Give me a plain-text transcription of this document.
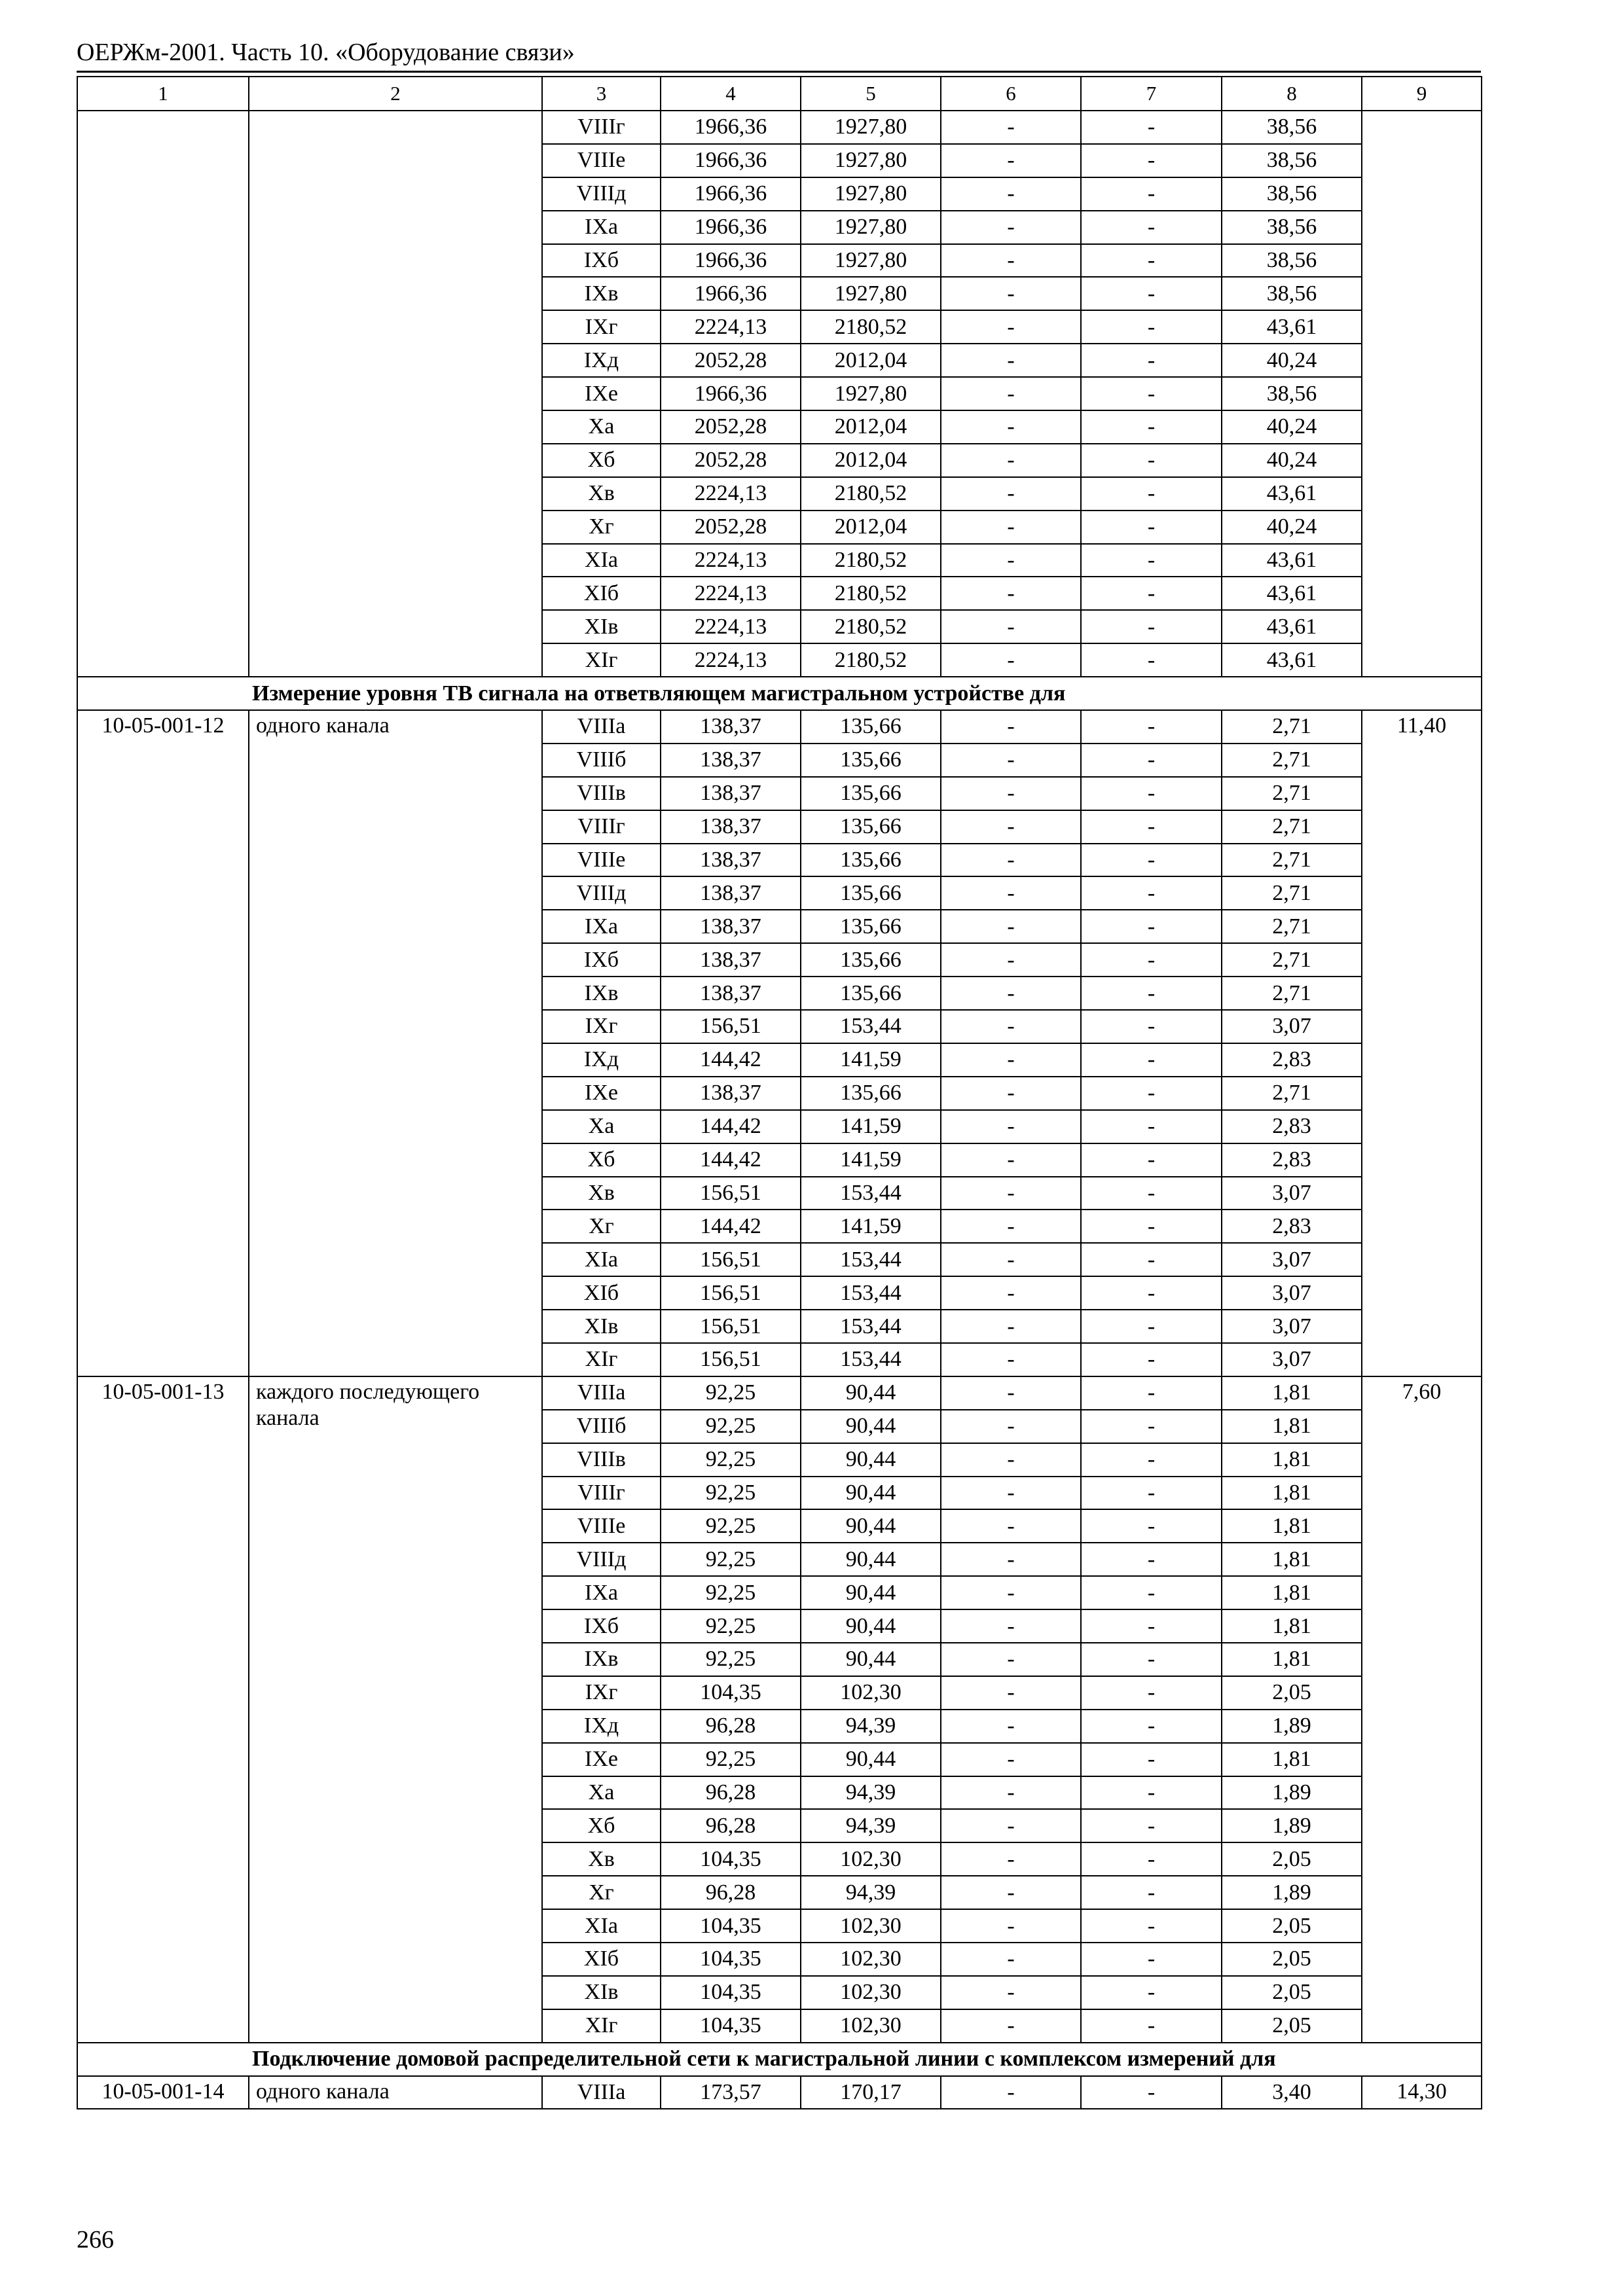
ОЕРЖм-2001. Часть 10. «Оборудование связи»
1	2	3	4	5	6	7	8	9
		VIIIг	1966,36	1927,80	-	-	38,56	
		VIIIе	1966,36	1927,80	-	-	38,56	
		VIIIд	1966,36	1927,80	-	-	38,56	
		IXа	1966,36	1927,80	-	-	38,56	
		IXб	1966,36	1927,80	-	-	38,56	
		IXв	1966,36	1927,80	-	-	38,56	
		IXг	2224,13	2180,52	-	-	43,61	
		IXд	2052,28	2012,04	-	-	40,24	
		IXе	1966,36	1927,80	-	-	38,56	
		Xа	2052,28	2012,04	-	-	40,24	
		Xб	2052,28	2012,04	-	-	40,24	
		Xв	2224,13	2180,52	-	-	43,61	
		Xг	2052,28	2012,04	-	-	40,24	
		XIа	2224,13	2180,52	-	-	43,61	
		XIб	2224,13	2180,52	-	-	43,61	
		XIв	2224,13	2180,52	-	-	43,61	
		XIг	2224,13	2180,52	-	-	43,61	
Измерение уровня ТВ сигнала на ответвляющем магистральном устройстве для								
10-05-001-12	одного канала	VIIIа	138,37	135,66	-	-	2,71	11,40
		VIIIб	138,37	135,66	-	-	2,71	
		VIIIв	138,37	135,66	-	-	2,71	
		VIIIг	138,37	135,66	-	-	2,71	
		VIIIе	138,37	135,66	-	-	2,71	
		VIIIд	138,37	135,66	-	-	2,71	
		IXа	138,37	135,66	-	-	2,71	
		IXб	138,37	135,66	-	-	2,71	
		IXв	138,37	135,66	-	-	2,71	
		IXг	156,51	153,44	-	-	3,07	
		IXд	144,42	141,59	-	-	2,83	
		IXе	138,37	135,66	-	-	2,71	
		Xа	144,42	141,59	-	-	2,83	
		Xб	144,42	141,59	-	-	2,83	
		Xв	156,51	153,44	-	-	3,07	
		Xг	144,42	141,59	-	-	2,83	
		XIа	156,51	153,44	-	-	3,07	
		XIб	156,51	153,44	-	-	3,07	
		XIв	156,51	153,44	-	-	3,07	
		XIг	156,51	153,44	-	-	3,07	
10-05-001-13	каждого последующего канала	VIIIа	92,25	90,44	-	-	1,81	7,60
		VIIIб	92,25	90,44	-	-	1,81	
		VIIIв	92,25	90,44	-	-	1,81	
		VIIIг	92,25	90,44	-	-	1,81	
		VIIIе	92,25	90,44	-	-	1,81	
		VIIIд	92,25	90,44	-	-	1,81	
		IXа	92,25	90,44	-	-	1,81	
		IXб	92,25	90,44	-	-	1,81	
		IXв	92,25	90,44	-	-	1,81	
		IXг	104,35	102,30	-	-	2,05	
		IXд	96,28	94,39	-	-	1,89	
		IXе	92,25	90,44	-	-	1,81	
		Xа	96,28	94,39	-	-	1,89	
		Xб	96,28	94,39	-	-	1,89	
		Xв	104,35	102,30	-	-	2,05	
		Xг	96,28	94,39	-	-	1,89	
		XIа	104,35	102,30	-	-	2,05	
		XIб	104,35	102,30	-	-	2,05	
		XIв	104,35	102,30	-	-	2,05	
		XIг	104,35	102,30	-	-	2,05	
Подключение домовой распределительной сети к магистральной линии с комплексом измерений для								
10-05-001-14	одного канала	VIIIа	173,57	170,17	-	-	3,40	14,30
266
